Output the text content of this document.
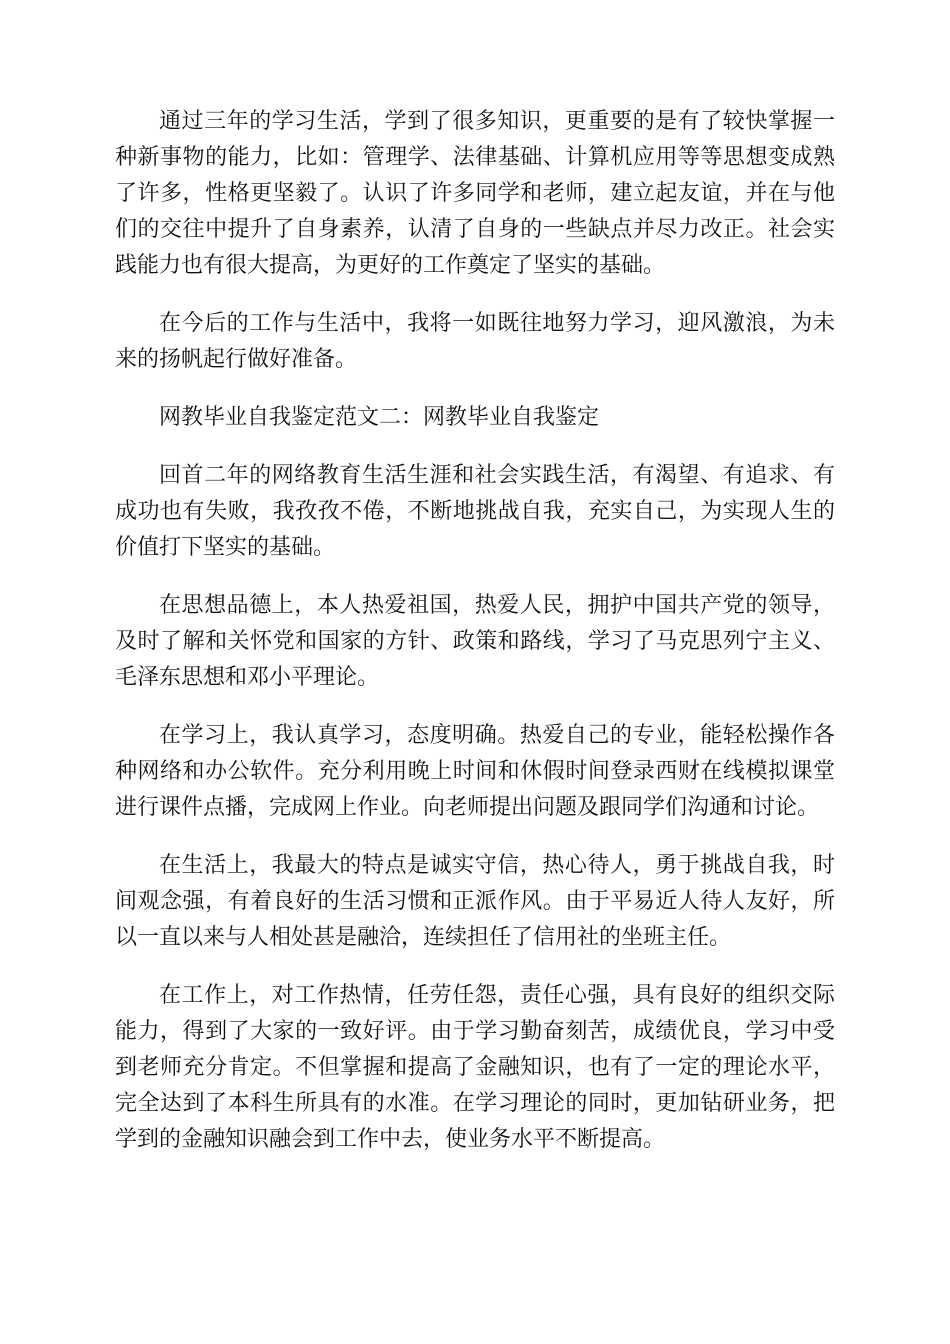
通过三年的学习生活，学到了很多知识，更重要的是有了较快掌握一种新事物的能力，比如：管理学、法律基础、计算机应用等等思想变成熟了许多，性格更坚毅了。认识了许多同学和老师，建立起友谊，并在与他们的交往中提升了自身素养，认清了自身的一些缺点并尽力改正。社会实践能力也有很大提高，为更好的工作奠定了坚实的基础。

在今后的工作与生活中，我将一如既往地努力学习，迎风激浪，为未来的扬帆起行做好准备。

网教毕业自我鉴定范文二：网教毕业自我鉴定

回首二年的网络教育生活生涯和社会实践生活，有渴望、有追求、有成功也有失败，我孜孜不倦，不断地挑战自我，充实自己，为实现人生的价值打下坚实的基础。

在思想品德上，本人热爱祖国，热爱人民，拥护中国共产党的领导，及时了解和关怀党和国家的方针、政策和路线，学习了马克思列宁主义、毛泽东思想和邓小平理论。

在学习上，我认真学习，态度明确。热爱自己的专业，能轻松操作各种网络和办公软件。充分利用晚上时间和休假时间登录西财在线模拟课堂进行课件点播，完成网上作业。向老师提出问题及跟同学们沟通和讨论。

在生活上，我最大的特点是诚实守信，热心待人，勇于挑战自我，时间观念强，有着良好的生活习惯和正派作风。由于平易近人待人友好，所以一直以来与人相处甚是融洽，连续担任了信用社的坐班主任。

在工作上，对工作热情，任劳任怨，责任心强，具有良好的组织交际能力，得到了大家的一致好评。由于学习勤奋刻苦，成绩优良，学习中受到老师充分肯定。不但掌握和提高了金融知识，也有了一定的理论水平，完全达到了本科生所具有的水准。在学习理论的同时，更加钻研业务，把学到的金融知识融会到工作中去，使业务水平不断提高。
